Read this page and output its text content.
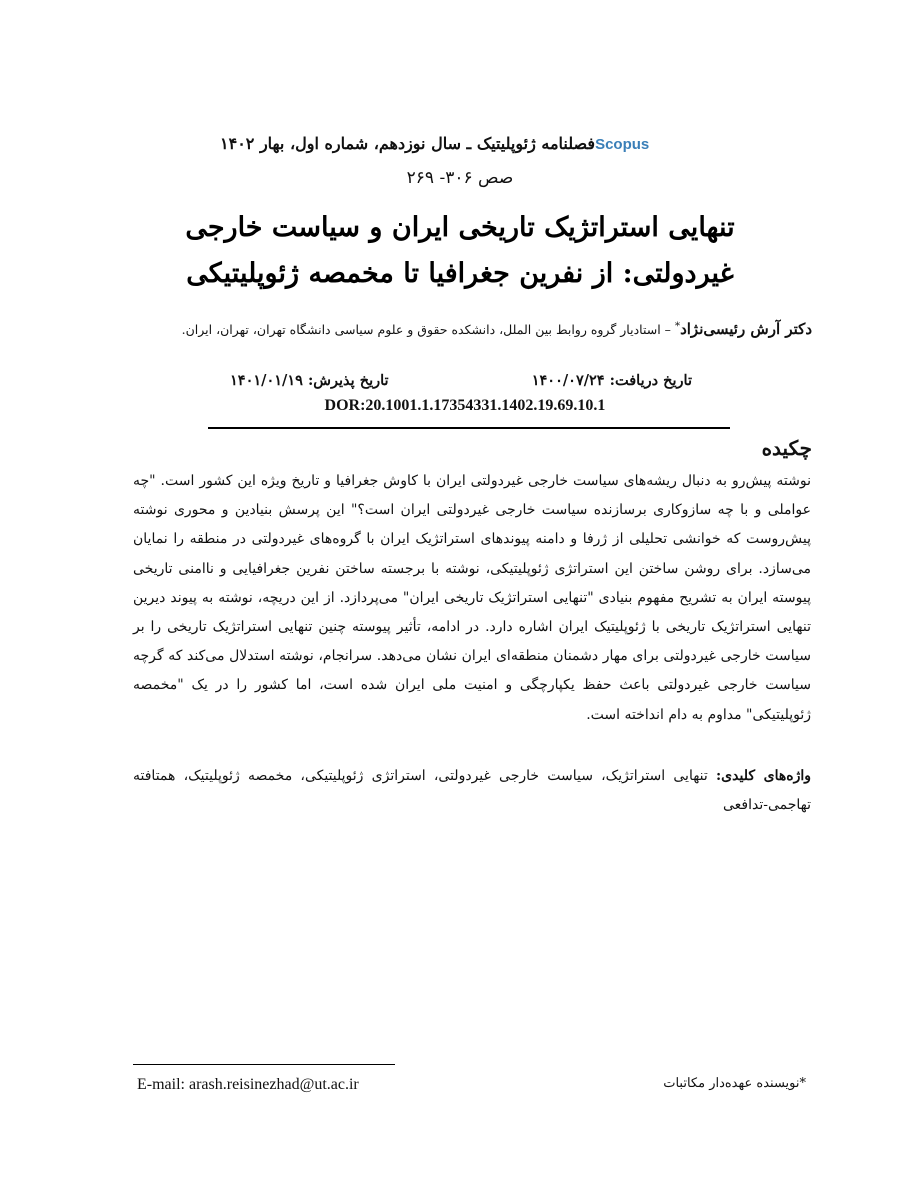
فصلنامه ژئوپلیتیک ـ سال نوزدهم، شماره اول، بهار ۱۴۰۲ Scopus
صص ۳۰۶- ۲۶۹
تنهایی استراتژیک تاریخی ایران و سیاست خارجی غیردولتی: از نفرین جغرافیا تا مخمصه ژئوپلیتیکی
دکتر آرش رئیسی‌نژاد* – استادیار گروه روابط بین الملل، دانشکده حقوق و علوم سیاسی دانشگاه تهران، تهران، ایران.
تاریخ دریافت: ۱۴۰۰/۰۷/۲۴
تاریخ پذیرش: ۱۴۰۱/۰۱/۱۹
DOR:20.1001.1.17354331.1402.19.69.10.1
چکیده

نوشته پیش‌رو به دنبال ریشه‌های سیاست خارجی غیردولتی ایران با کاوش جغرافیا و تاریخ ویژه این کشور است. "چه عواملی و با چه سازوکاری برسازنده سیاست خارجی غیردولتی ایران است؟" این پرسش بنیادین و محوری نوشته پیش‌روست که خوانشی تحلیلی از ژرفا و دامنه پیوندهای استراتژیک ایران با گروه‌های غیردولتی در منطقه را نمایان می‌سازد. برای روشن ساختن این استراتژی ژئوپلیتیکی، نوشته با برجسته ساختن نفرین جغرافیایی و ناامنی تاریخی پیوسته ایران به تشریح مفهوم بنیادی "تنهایی استراتژیک تاریخی ایران" می‌پردازد. از این دریچه، نوشته به پیوند دیرین تنهایی استراتژیک تاریخی با ژئوپلیتیک ایران اشاره دارد. در ادامه، تأثیر پیوسته چنین تنهایی استراتژیک تاریخی را بر سیاست خارجی غیردولتی برای مهار دشمنان منطقه‌ای ایران نشان می‌دهد. سرانجام، نوشته استدلال می‌کند که گرچه سیاست خارجی غیردولتی باعث حفظ یکپارچگی و امنیت ملی ایران شده است، اما کشور را در یک "مخمصه ژئوپلیتیکی" مداوم به دام انداخته است.

واژه‌های کلیدی: تنهایی استراتژیک، سیاست خارجی غیردولتی، استراتژی ژئوپلیتیکی، مخمصه ژئوپلیتیک، همتافته تهاجمی-تدافعی

E-mail: arash.reisinezhad@ut.ac.ir	*نویسنده عهده‌دار مکاتبات
